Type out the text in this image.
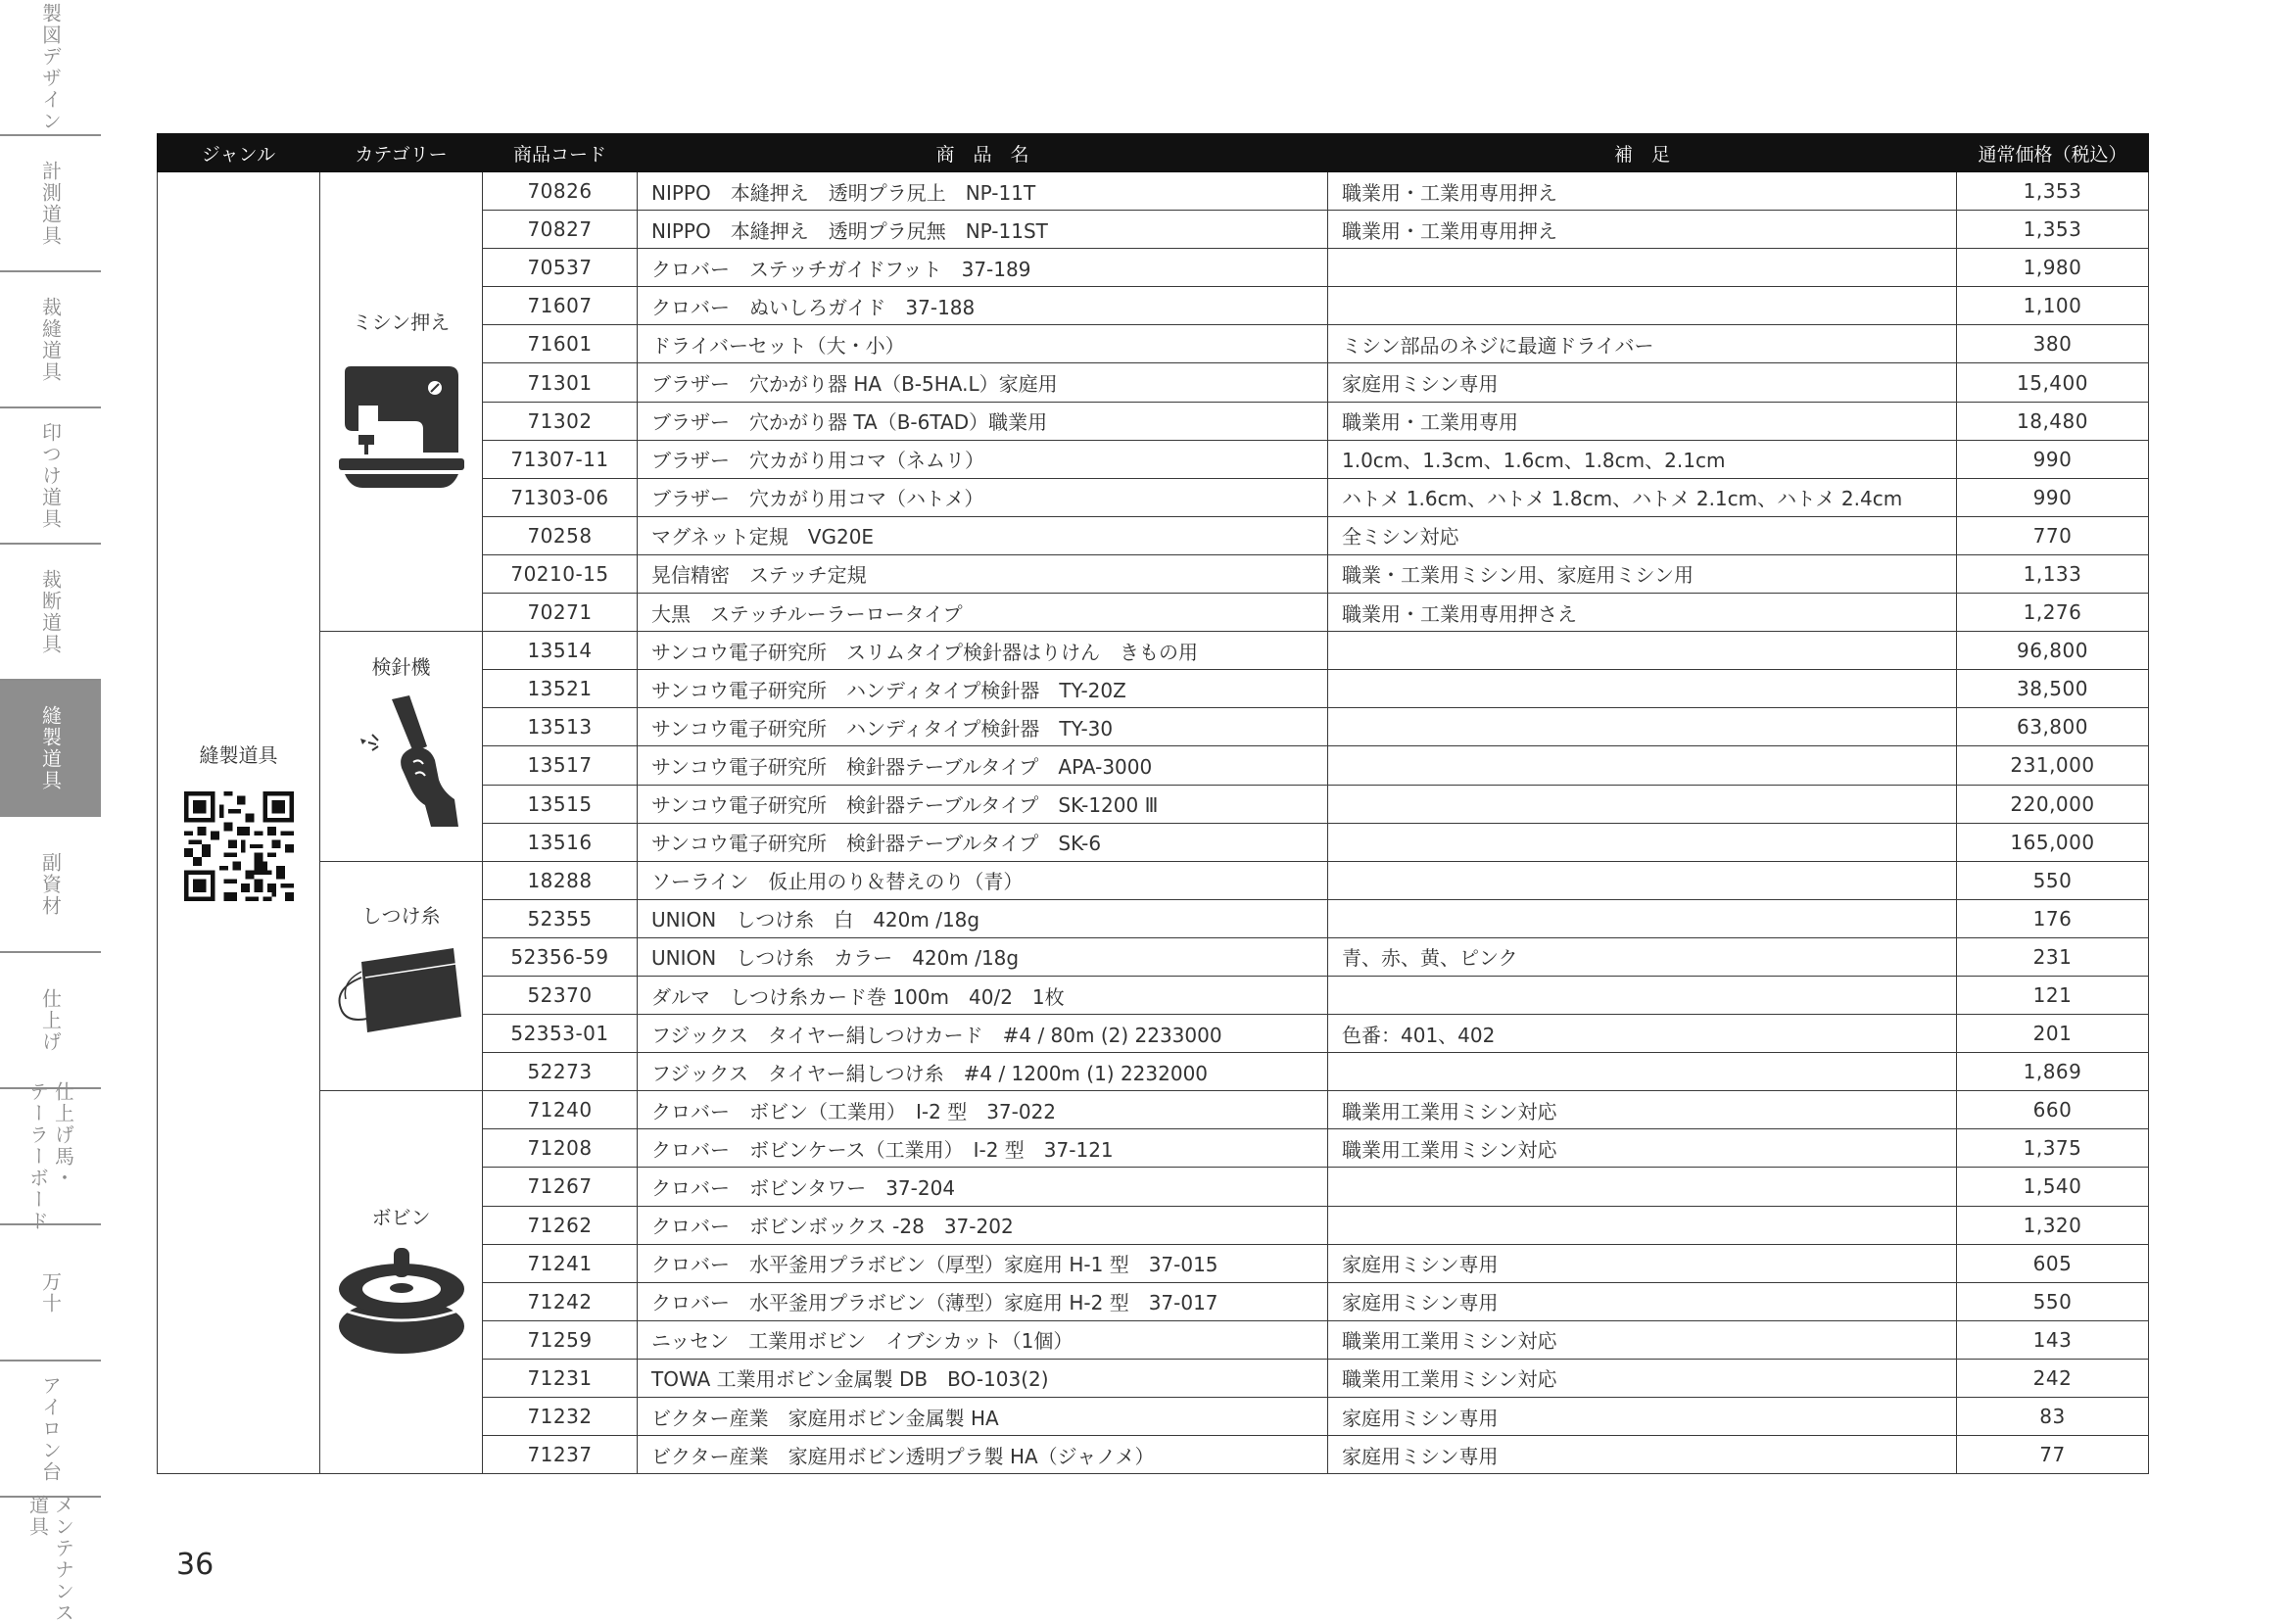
製図デザイン
計測道具
裁縫道具
印つけ道具
裁断道具
縫製道具
副資材
仕上げ
仕上げ馬・
テーラーボード
万十
アイロン台
メンテナンス
道具
ジャンル	カテゴリー	商品コード	商　品　名	補　足	通常価格（税込）

縫製道具	ミシン押え	70826	NIPPO　本縫押え　透明プラ尻上　NP-11T	職業用・工業用専用押え	1,353
		70827	NIPPO　本縫押え　透明プラ尻無　NP-11ST	職業用・工業用専用押え	1,353
		70537	クロバー　ステッチガイドフット　37-189		1,980
		71607	クロバー　ぬいしろガイド　37-188		1,100
		71601	ドライバーセット（大・小）	ミシン部品のネジに最適ドライバー	380
		71301	ブラザー　穴かがり器 HA（B-5HA.L）家庭用	家庭用ミシン専用	15,400
		71302	ブラザー　穴かがり器 TA（B-6TAD）職業用	職業用・工業用専用	18,480
		71307-11	ブラザー　穴カがり用コマ（ネムリ）	1.0cm、1.3cm、1.6cm、1.8cm、2.1cm	990
		71303-06	ブラザー　穴カがり用コマ（ハトメ）	ハトメ 1.6cm、ハトメ 1.8cm、ハトメ 2.1cm、ハトメ 2.4cm	990
		70258	マグネット定規　VG20E	全ミシン対応	770
		70210-15	晃信精密　ステッチ定規	職業・工業用ミシン用、家庭用ミシン用	1,133
		70271	大黒　ステッチルーラーロータイプ	職業用・工業用専用押さえ	1,276

	検針機	13514	サンコウ電子研究所　スリムタイプ検針器はりけん　きもの用		96,800
		13521	サンコウ電子研究所　ハンディタイプ検針器　TY-20Z		38,500
		13513	サンコウ電子研究所　ハンディタイプ検針器　TY-30		63,800
		13517	サンコウ電子研究所　検針器テーブルタイプ　APA-3000		231,000
		13515	サンコウ電子研究所　検針器テーブルタイプ　SK-1200 Ⅲ		220,000
		13516	サンコウ電子研究所　検針器テーブルタイプ　SK-6		165,000

	しつけ糸	18288	ソーライン　仮止用のり＆替えのり（青）		550
		52355	UNION　しつけ糸　白　420m /18g		176
		52356-59	UNION　しつけ糸　カラー　420m /18g	青、赤、黄、ピンク	231
		52370	ダルマ　しつけ糸カード巻 100m　40/2　1枚		121
		52353-01	フジックス　タイヤー絹しつけカード　#4 / 80m (2) 2233000	色番：401、402	201
		52273	フジックス　タイヤー絹しつけ糸　#4 / 1200m (1) 2232000		1,869

	ボビン	71240	クロバー　ボビン（工業用）　I-2 型　37-022	職業用工業用ミシン対応	660
		71208	クロバー　ボビンケース（工業用）　I-2 型　37-121	職業用工業用ミシン対応	1,375
		71267	クロバー　ボビンタワー　37-204		1,540
		71262	クロバー　ボビンボックス -28　37-202		1,320
		71241	クロバー　水平釜用プラボビン（厚型）家庭用 H-1 型　37-015	家庭用ミシン専用	605
		71242	クロバー　水平釜用プラボビン（薄型）家庭用 H-2 型　37-017	家庭用ミシン専用	550
		71259	ニッセン　工業用ボビン　イブシカット（1個）	職業用工業用ミシン対応	143
		71231	TOWA 工業用ボビン金属製 DB　BO-103(2)	職業用工業用ミシン対応	242
		71232	ビクター産業　家庭用ボビン金属製 HA	家庭用ミシン専用	83
		71237	ビクター産業　家庭用ボビン透明プラ製 HA（ジャノメ）	家庭用ミシン専用	77
36
